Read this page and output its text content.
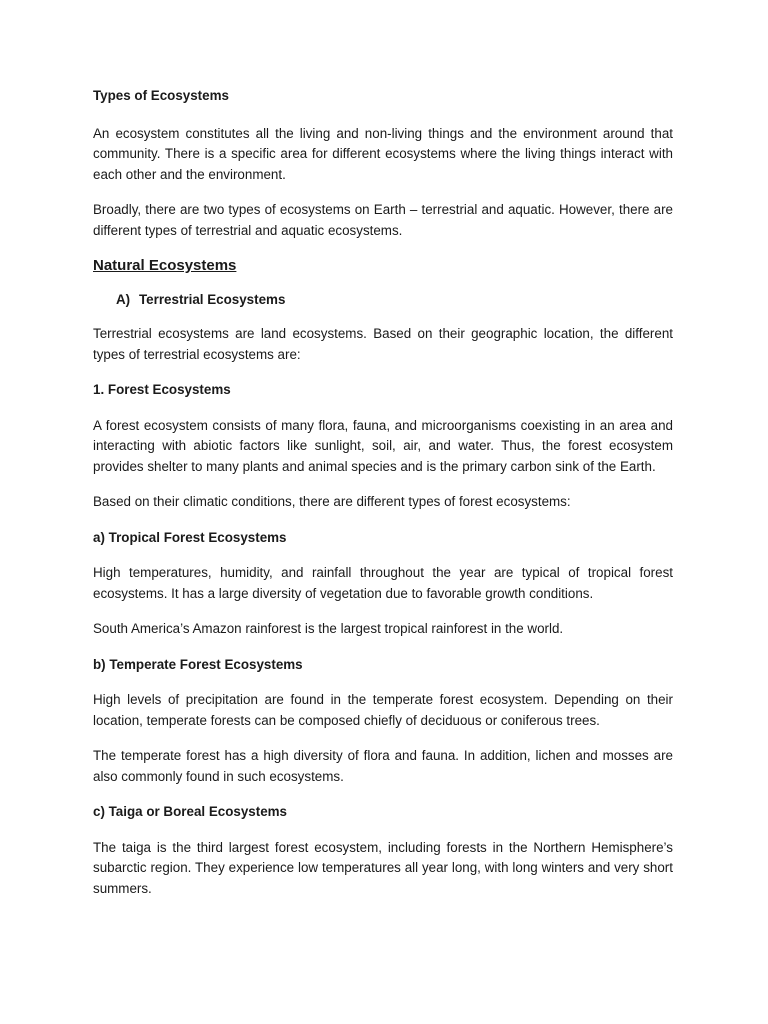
Types of Ecosystems

An ecosystem constitutes all the living and non-living things and the environment around that community. There is a specific area for different ecosystems where the living things interact with each other and the environment.

Broadly, there are two types of ecosystems on Earth – terrestrial and aquatic. However, there are different types of terrestrial and aquatic ecosystems.

Natural Ecosystems

A) Terrestrial Ecosystems

Terrestrial ecosystems are land ecosystems. Based on their geographic location, the different types of terrestrial ecosystems are:

1. Forest Ecosystems

A forest ecosystem consists of many flora, fauna, and microorganisms coexisting in an area and interacting with abiotic factors like sunlight, soil, air, and water. Thus, the forest ecosystem provides shelter to many plants and animal species and is the primary carbon sink of the Earth.

Based on their climatic conditions, there are different types of forest ecosystems:

a) Tropical Forest Ecosystems

High temperatures, humidity, and rainfall throughout the year are typical of tropical forest ecosystems. It has a large diversity of vegetation due to favorable growth conditions.

South America’s Amazon rainforest is the largest tropical rainforest in the world.

b) Temperate Forest Ecosystems

High levels of precipitation are found in the temperate forest ecosystem. Depending on their location, temperate forests can be composed chiefly of deciduous or coniferous trees.

The temperate forest has a high diversity of flora and fauna. In addition, lichen and mosses are also commonly found in such ecosystems.

c) Taiga or Boreal Ecosystems

The taiga is the third largest forest ecosystem, including forests in the Northern Hemisphere’s subarctic region. They experience low temperatures all year long, with long winters and very short summers.
